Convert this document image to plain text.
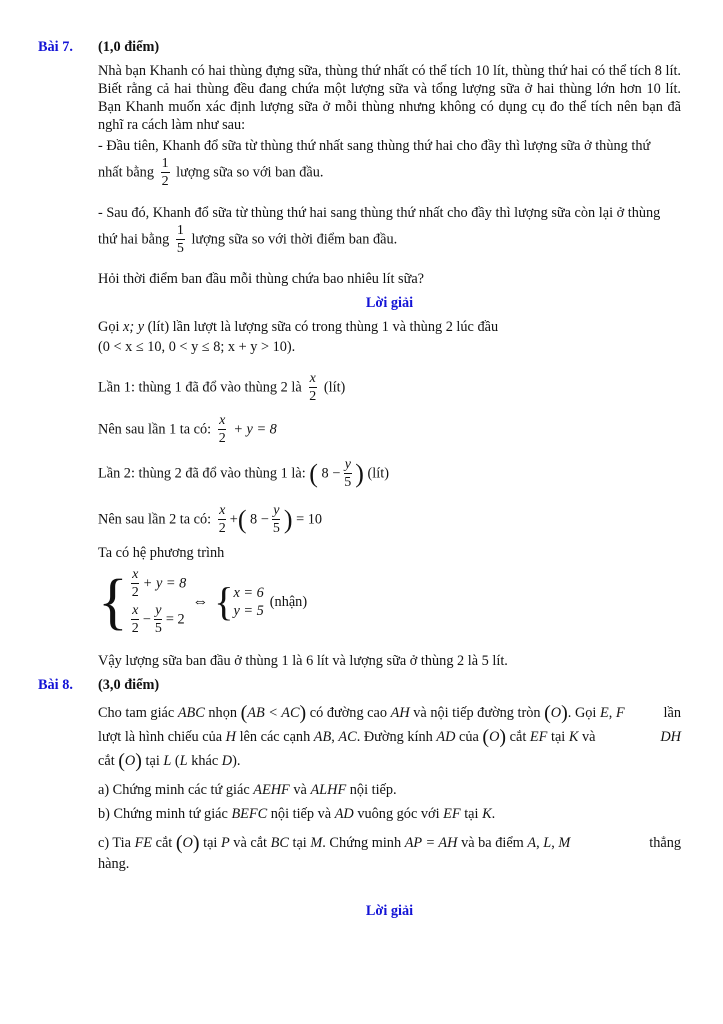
Bài 7. (1,0 điểm)
Nhà bạn Khanh có hai thùng đựng sữa, thùng thứ nhất có thể tích 10 lít, thùng thứ hai có thể tích 8 lít. Biết rằng cả hai thùng đều đang chứa một lượng sữa và tổng lượng sữa ở hai thùng lớn hơn 10 lít. Bạn Khanh muốn xác định lượng sữa ở mỗi thùng nhưng không có dụng cụ đo thể tích nên bạn đã nghĩ ra cách làm như sau:
- Đầu tiên, Khanh đổ sữa từ thùng thứ nhất sang thùng thứ hai cho đầy thì lượng sữa ở thùng thứ
nhất bằng $\frac{1}{2}$ lượng sữa so với ban đầu.
- Sau đó, Khanh đổ sữa từ thùng thứ hai sang thùng thứ nhất cho đầy thì lượng sữa còn lại ở thùng
thứ hai bằng $\frac{1}{5}$ lượng sữa so với thời điểm ban đầu.
Hỏi thời điểm ban đầu mỗi thùng chứa bao nhiêu lít sữa?
Lời giải
Gọi x; y (lít) lần lượt là lượng sữa có trong thùng 1 và thùng 2 lúc đầu
(0 < x ≤ 10, 0 < y ≤ 8; x + y > 10).
Lần 1: thùng 1 đã đổ vào thùng 2 là $\frac{x}{2}$ (lít)
Nên sau lần 1 ta có: $\frac{x}{2} + y = 8$
Lần 2: thùng 2 đã đổ vào thùng 1 là: ( $8 - \frac{y}{5}$ ) (lít)
Nên sau lần 2 ta có: $\frac{x}{2}$ +( $8 - \frac{y}{5}$ ) = 10
Ta có hệ phương trình
{ $\frac{x}{2} + y = 8$
$\frac{x}{2} - \frac{y}{5} = 2$
⇔ { x = 6
y = 5
(nhận)
Vậy lượng sữa ban đầu ở thùng 1 là 6 lít và lượng sữa ở thùng 2 là 5 lít.
Bài 8. (3,0 điểm)
Cho tam giác ABC nhọn (AB < AC) có đường cao AH và nội tiếp đường tròn (O). Gọi E, F	lần
lượt là hình chiếu của H lên các cạnh AB, AC. Đường kính AD của (O) cắt EF tại K và	DH
cắt (O) tại L (L khác D).
a) Chứng minh các tứ giác AEHF và ALHF nội tiếp.
b) Chứng minh tứ giác BEFC nội tiếp và AD vuông góc với EF tại K.
c) Tia FE cắt (O) tại P và cắt BC tại M. Chứng minh AP = AH và ba điểm A, L, M	thẳng
hàng.
Lời giải
